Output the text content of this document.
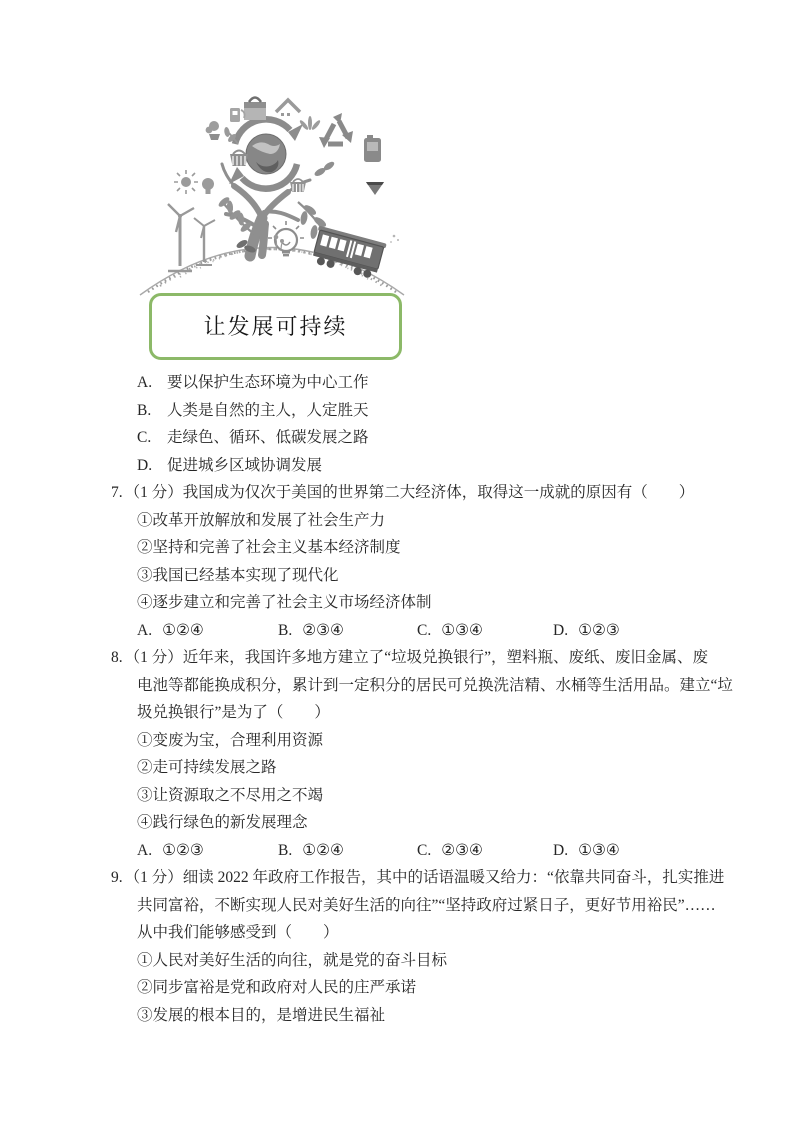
让发展可持续
A. 要以保护生态环境为中心工作
B. 人类是自然的主人，人定胜天
C. 走绿色、循环、低碳发展之路
D. 促进城乡区域协调发展
7. （1 分）我国成为仅次于美国的世界第二大经济体，取得这一成就的原因有（　　）
①改革开放解放和发展了社会生产力
②坚持和完善了社会主义基本经济制度
③我国已经基本实现了现代化
④逐步建立和完善了社会主义市场经济体制
A. ①②④	B. ②③④	C. ①③④	D. ①②③
8. （1 分）近年来，我国许多地方建立了“垃圾兑换银行”，塑料瓶、废纸、废旧金属、废
电池等都能换成积分，累计到一定积分的居民可兑换洗洁精、水桶等生活用品。建立“垃
圾兑换银行”是为了（　　）
①变废为宝，合理利用资源
②走可持续发展之路
③让资源取之不尽用之不竭
④践行绿色的新发展理念
A. ①②③	B. ①②④	C. ②③④	D. ①③④
9. （1 分）细读 2022 年政府工作报告，其中的话语温暖又给力：“依靠共同奋斗，扎实推进
共同富裕，不断实现人民对美好生活的向往”“坚持政府过紧日子，更好节用裕民”……
从中我们能够感受到（　　）
①人民对美好生活的向往，就是党的奋斗目标
②同步富裕是党和政府对人民的庄严承诺
③发展的根本目的，是增进民生福祉
